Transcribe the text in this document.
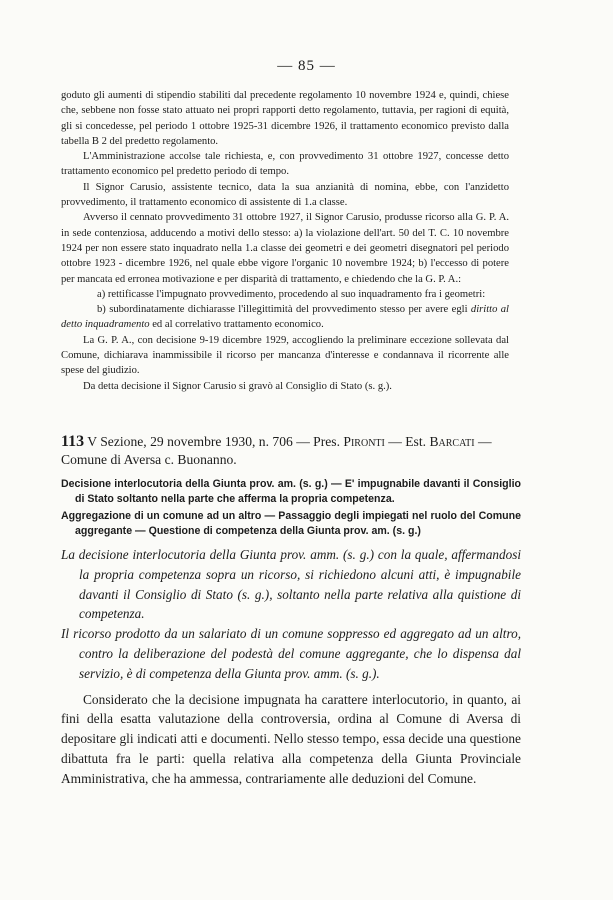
— 85 —

goduto gli aumenti di stipendio stabiliti dal precedente regolamento 10 novembre 1924 e, quindi, chiese che, sebbene non fosse stato attuato nei propri rapporti detto regolamento, tuttavia, per ragioni di equità, gli si concedesse, pel periodo 1 ottobre 1925-31 dicembre 1926, il trattamento economico previsto dalla tabella B 2 del predetto regolamento.

L'Amministrazione accolse tale richiesta, e, con provvedimento 31 ottobre 1927, concesse detto trattamento economico pel predetto periodo di tempo.

Il Signor Carusio, assistente tecnico, data la sua anzianità di nomina, ebbe, con l'anzidetto provvedimento, il trattamento economico di assistente di 1.a classe.

Avverso il cennato provvedimento 31 ottobre 1927, il Signor Carusio, produsse ricorso alla G. P. A. in sede contenziosa, adducendo a motivi dello stesso: a) la violazione dell'art. 50 del T. C. 10 novembre 1924 per non essere stato inquadrato nella 1.a classe dei geometri e dei geometri disegnatori pel periodo ottobre 1923 - dicembre 1926, nel quale ebbe vigore l'organic 10 novembre 1924; b) l'eccesso di potere per mancata ed erronea motivazione e per disparità di trattamento, e chiedendo che la G. P. A.:

a) rettificasse l'impugnato provvedimento, procedendo al suo inquadramento fra i geometri:

b) subordinatamente dichiarasse l'illegittimità del provvedimento stesso per avere egli diritto al detto inquadramento ed al correlativo trattamento economico.

La G. P. A., con decisione 9-19 dicembre 1929, accogliendo la preliminare eccezione sollevata dal Comune, dichiarava inammissibile il ricorso per mancanza d'interesse e condannava il ricorrente alle spese del giudizio.

Da detta decisione il Signor Carusio si gravò al Consiglio di Stato (s. g.).

113 V Sezione, 29 novembre 1930, n. 706 — Pres. Pironti — Est. Barcati — Comune di Aversa c. Buonanno.

Decisione interlocutoria della Giunta prov. am. (s. g.) — E' impugnabile davanti il Consiglio di Stato soltanto nella parte che afferma la propria competenza.

Aggregazione di un comune ad un altro — Passaggio degli impiegati nel ruolo del Comune aggregante — Questione di competenza della Giunta prov. am. (s. g.)

La decisione interlocutoria della Giunta prov. amm. (s. g.) con la quale, affermandosi la propria competenza sopra un ricorso, si richiedono alcuni atti, è impugnabile davanti il Consiglio di Stato (s. g.), soltanto nella parte relativa alla quistione di competenza.

Il ricorso prodotto da un salariato di un comune soppresso ed aggregato ad un altro, contro la deliberazione del podestà del comune aggregante, che lo dispensa dal servizio, è di competenza della Giunta prov. amm. (s. g.).

Considerato che la decisione impugnata ha carattere interlocutorio, in quanto, ai fini della esatta valutazione della controversia, ordina al Comune di Aversa di depositare gli indicati atti e documenti. Nello stesso tempo, essa decide una questione dibattuta fra le parti: quella relativa alla competenza della Giunta Provinciale Amministrativa, che ha ammessa, contrariamente alle deduzioni del Comune.
